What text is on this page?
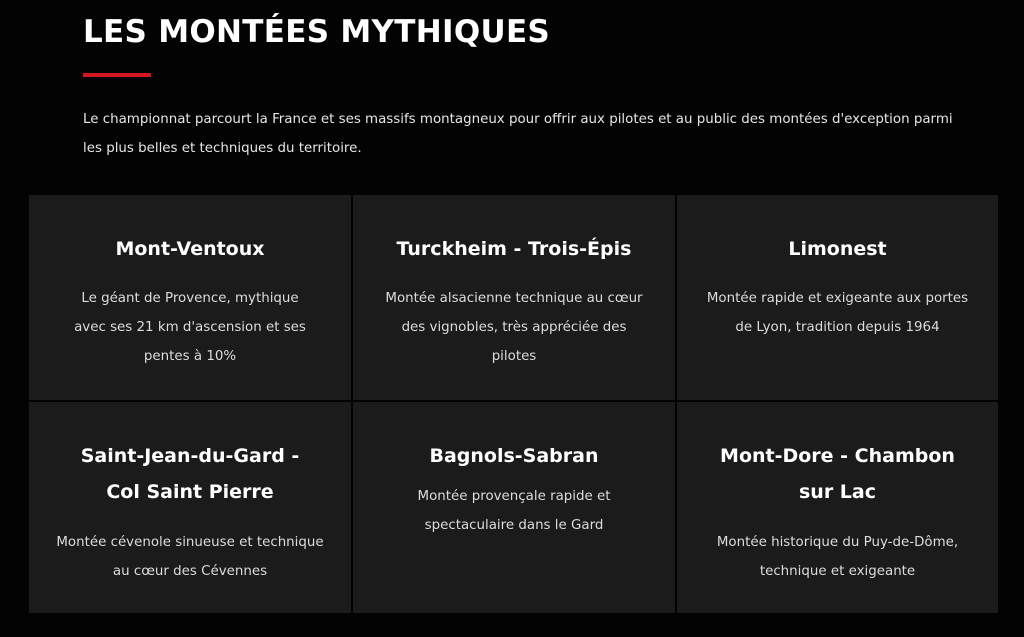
LES MONTÉES MYTHIQUES

Le championnat parcourt la France et ses massifs montagneux pour offrir aux pilotes et au public des montées d'exception parmi les plus belles et techniques du territoire.

Mont-Ventoux

Le géant de Provence, mythique avec ses 21 km d'ascension et ses pentes à 10%

Turckheim - Trois-Épis

Montée alsacienne technique au cœur des vignobles, très appréciée des pilotes

Limonest

Montée rapide et exigeante aux portes de Lyon, tradition depuis 1964

Saint-Jean-du-Gard - Col Saint Pierre

Montée cévenole sinueuse et technique au cœur des Cévennes

Bagnols-Sabran

Montée provençale rapide et spectaculaire dans le Gard

Mont-Dore - Chambon sur Lac

Montée historique du Puy-de-Dôme, technique et exigeante
